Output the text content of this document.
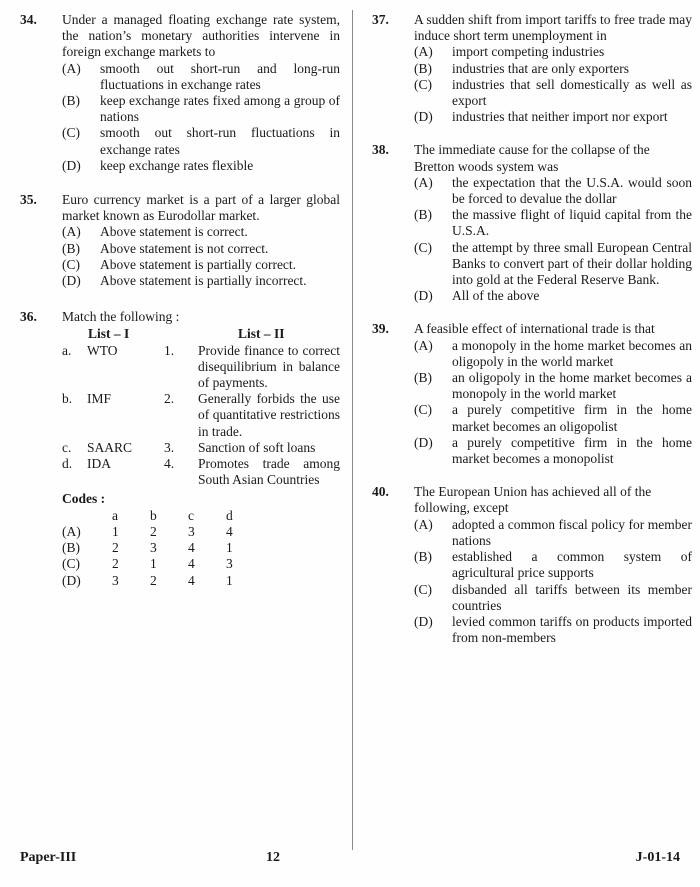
34.	Under a managed floating exchange rate system, the nation’s monetary authorities intervene in foreign exchange markets to
(A)	smooth out short-run and long-run fluctuations in exchange rates
(B)	keep exchange rates fixed among a group of nations
(C)	smooth out short-run fluctuations in exchange rates
(D)	keep exchange rates flexible
35.	Euro currency market is a part of a larger global market known as Eurodollar market.
(A)	Above statement is correct.
(B)	Above statement is not correct.
(C)	Above statement is partially correct.
(D)	Above statement is partially incorrect.
36.	Match the following :
List – I	List – II
a.	WTO	1.	Provide finance to correct disequilibrium in balance of payments.
b.	IMF	2.	Generally forbids the use of quantitative restrictions in trade.
c.	SAARC	3.	Sanction of soft loans
d.	IDA	4.	Promotes trade among South Asian Countries
Codes :
	a	b	c	d
(A)	1	2	3	4
(B)	2	3	4	1
(C)	2	1	4	3
(D)	3	2	4	1
37.	A sudden shift from import tariffs to free trade may induce short term unemployment in
(A)	import competing industries
(B)	industries that are only exporters
(C)	industries that sell domestically as well as export
(D)	industries that neither import nor export
38.	The immediate cause for the collapse of the Bretton woods system was
(A)	the expectation that the U.S.A. would soon be forced to devalue the dollar
(B)	the massive flight of liquid capital from the U.S.A.
(C)	the attempt by three small European Central Banks to convert part of their dollar holding into gold at the Federal Reserve Bank.
(D)	All of the above
39.	A feasible effect of international trade is that
(A)	a monopoly in the home market becomes an oligopoly in the world market
(B)	an oligopoly in the home market becomes a monopoly in the world market
(C)	a purely competitive firm in the home market becomes an oligopolist
(D)	a purely competitive firm in the home market becomes a monopolist
40.	The European Union has achieved all of the following, except
(A)	adopted a common fiscal policy for member nations
(B)	established a common system of agricultural price supports
(C)	disbanded all tariffs between its member countries
(D)	levied common tariffs on products imported from non-members
Paper-III	12	J-01-14
